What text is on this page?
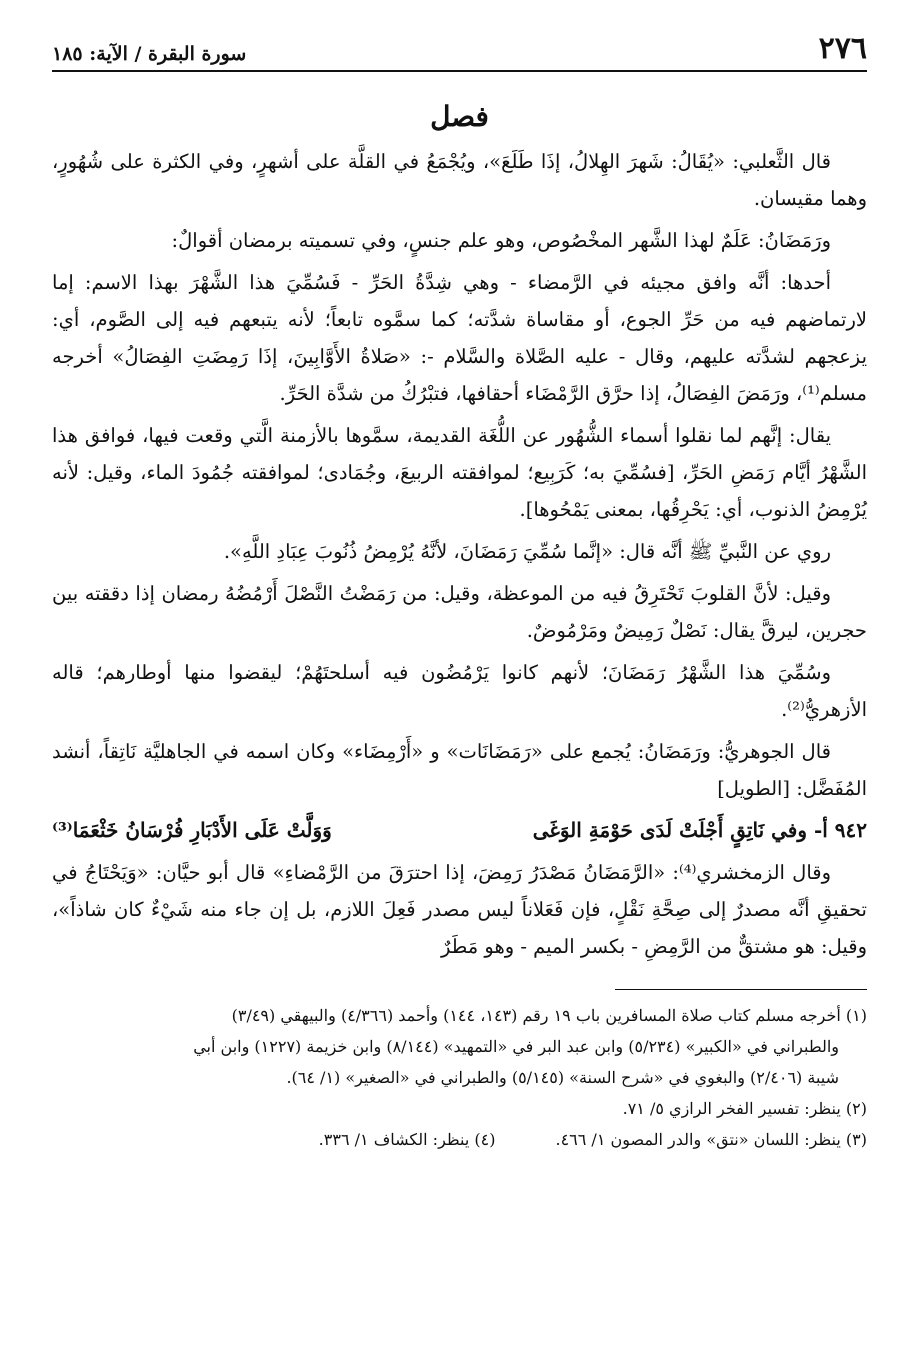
٢٧٦
سورة البقرة / الآية: ١٨٥
فصل

قال الثَّعلبي: «يُقَالُ: شَهرَ الهِلالُ، إذَا طَلَعَ»، ويُجْمَعُ في القلَّة على أشهرٍ، وفي الكثرة على شُهُورٍ، وهما مقيسان.

ورَمَضَانُ: عَلَمٌ لهذا الشَّهر المخْصُوص، وهو علم جنسٍ، وفي تسميته برمضان أقوالٌ:

أحدها: أنَّه وافق مجيئه في الرَّمضاء - وهي شِدَّةُ الحَرِّ - فَسُمِّيَ هذا الشَّهْرَ بهذا الاسم: إما لارتماضهم فيه من حَرِّ الجوع، أو مقاساة شدَّته؛ كما سمَّوه تابعاً؛ لأنه يتبعهم فيه إلى الصَّوم، أي: يزعجهم لشدَّته عليهم، وقال - عليه الصَّلاة والسَّلام -: «صَلاةُ الأَوَّابِينَ، إذَا رَمِضَتِ الفِصَالُ» أخرجه مسلم⁽¹⁾، ورَمَضَ الفِصَالُ، إذا حرَّق الرَّمْضَاء أحقافها، فتبْرُكُ من شدَّة الحَرِّ.

يقال: إنَّهم لما نقلوا أسماء الشُّهُور عن اللُّغَة القديمة، سمَّوها بالأزمنة الَّتي وقعت فيها، فوافق هذا الشَّهْرُ أيَّام رَمَضِ الحَرِّ، [فسُمِّيَ به؛ كَرَبِيع؛ لموافقته الربيعَ، وجُمَادى؛ لموافقته جُمُودَ الماء، وقيل: لأنه يُرْمِضُ الذنوب، أي: يَحْرِقُها، بمعنى يَمْحُوها].

روي عن النَّبيِّ ﷺ أنَّه قال: «إنَّما سُمِّيَ رَمَضَانَ، لأنَّهُ يُرْمِضُ ذُنُوبَ عِبَادِ اللَّهِ».

وقيل: لأنَّ القلوبَ تَحْتَرِقُ فيه من الموعظة، وقيل: من رَمَضْتُ النَّصْلَ أَرْمُضُهُ رمضان إذا دققته بين حجرين، ليرقَّ يقال: نَصْلٌ رَمِيضٌ ومَرْمُوضٌ.

وسُمِّيَ هذا الشَّهْرُ رَمَضَانَ؛ لأنهم كانوا يَرْمُضُون فيه أسلحتَهُمْ؛ ليقضوا منها أوطارهم؛ قاله الأزهريُّ⁽²⁾.

قال الجوهريُّ: ورَمَضَانُ: يُجمع على «رَمَضَانَات» و «أَرْمِضَاء» وكان اسمه في الجاهليَّة نَاتِقاً، أنشد المُفَضَّل: [الطويل]

٩٤٢ أ- وفي نَاتِقٍ أَجْلَتْ لَدَى حَوْمَةِ الوَغَى
وَوَلَّتْ عَلَى الأَدْبَارِ فُرْسَانُ خَثْعَمَا⁽³⁾

وقال الزمخشري⁽⁴⁾: «الرَّمَضَانُ مَصْدَرُ رَمِضَ، إذا احترَقَ من الرَّمْضاءِ» قال أبو حيَّان: «وَيَحْتَاجُ في تحقيقِ أنَّه مصدرٌ إلى صِحَّةِ نَقْلٍ، فإن فَعَلاناً ليس مصدر فَعِلَ اللازم، بل إن جاء منه شَيْءٌ كان شاذاً»، وقيل: هو مشتقٌّ من الرَّمِضِ - بكسر الميم - وهو مَطَرٌ

(١) أخرجه مسلم كتاب صلاة المسافرين باب ١٩ رقم (١٤٣، ١٤٤) وأحمد (٤/٣٦٦) والبيهقي (٣/٤٩)

والطبراني في «الكبير» (٥/٢٣٤) وابن عبد البر في «التمهيد» (٨/١٤٤) وابن خزيمة (١٢٢٧) وابن أبي

شيبة (٢/٤٠٦) والبغوي في «شرح السنة» (٥/١٤٥) والطبراني في «الصغير» (١/ ٦٤).

(٢) ينظر: تفسير الفخر الرازي ٥/ ٧١.

(٣) ينظر: اللسان «نتق» والدر المصون ١/ ٤٦٦.
(٤) ينظر: الكشاف ١/ ٣٣٦.
